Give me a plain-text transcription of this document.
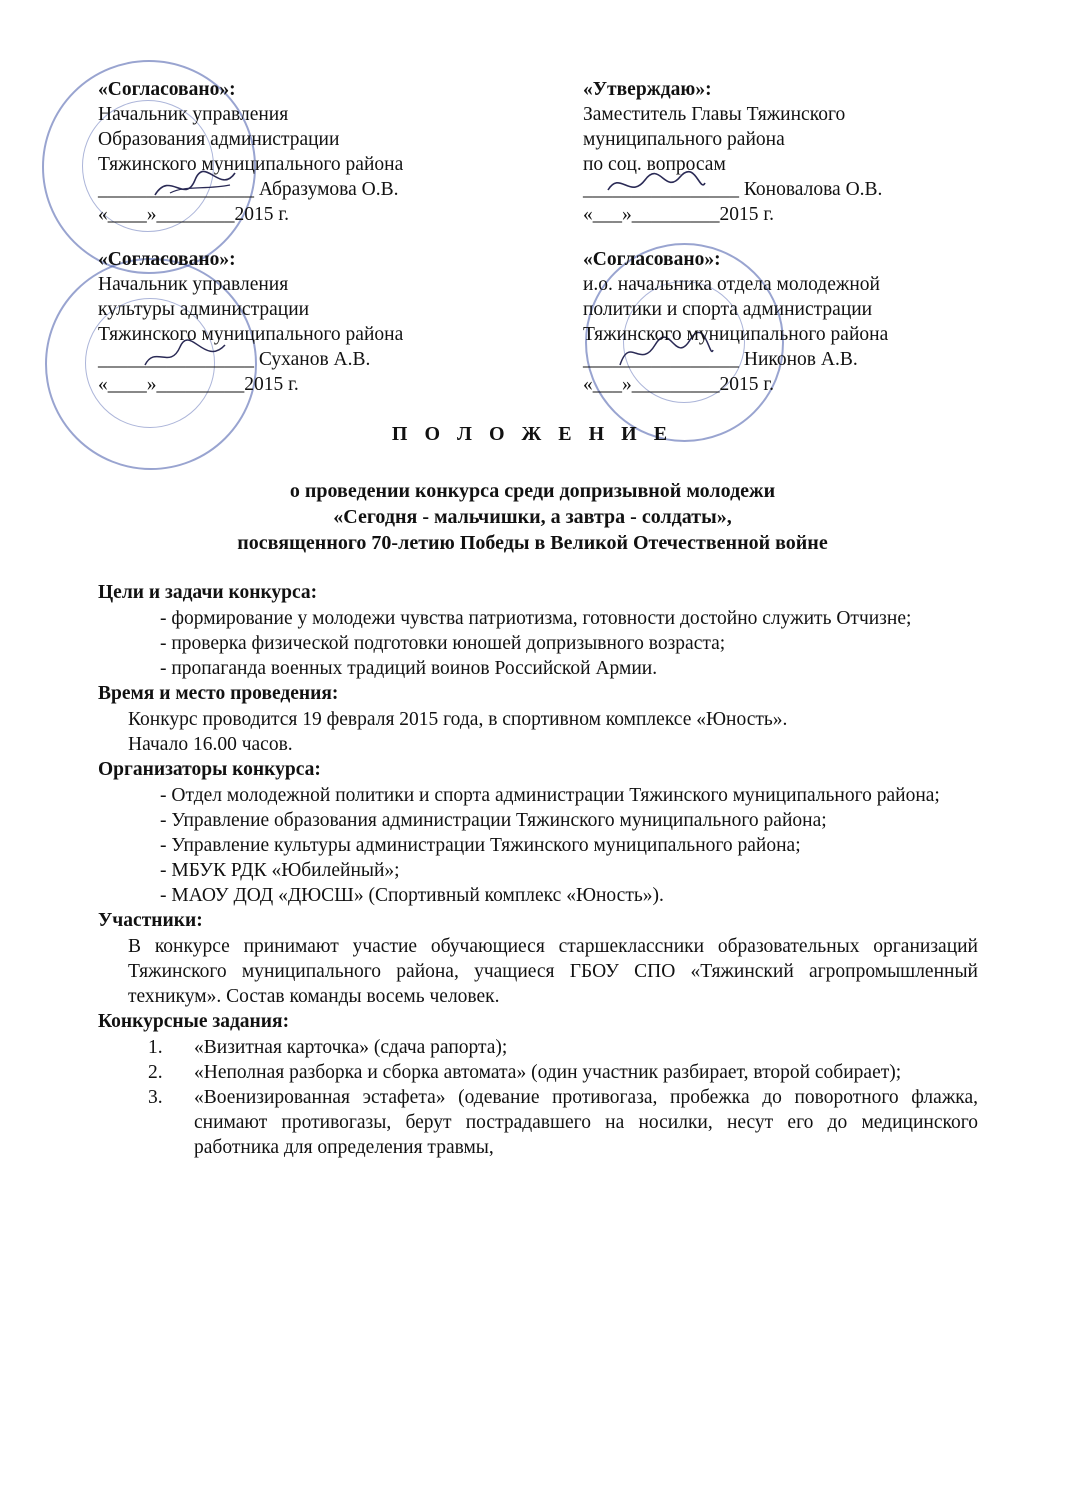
«Согласовано»:
Начальник управления
Образования администрации
Тяжинского муниципального района
________________ Абразумова О.В.
«____»________2015 г.
«Утверждаю»:
Заместитель Главы Тяжинского
муниципального района
по соц. вопросам
________________ Коновалова О.В.
«___»_________2015 г.
«Согласовано»:
Начальник управления
культуры администрации
Тяжинского муниципального района
________________ Суханов А.В.
«____»_________2015 г.
«Согласовано»:
и.о. начальника отдела молодежной
политики и спорта администрации
Тяжинского муниципального района
________________ Никонов А.В.
«___»_________2015 г.
П О Л О Ж Е Н И Е
о проведении конкурса среди допризывной молодежи
«Сегодня - мальчишки, а завтра - солдаты»,
посвященного 70-летию Победы в Великой Отечественной войне
Цели и задачи конкурса:

- формирование у молодежи чувства патриотизма, готовности достойно служить Отчизне;

- проверка физической подготовки юношей допризывного возраста;

- пропаганда военных традиций воинов Российской Армии.

Время и место проведения:
Конкурс проводится 19 февраля 2015 года, в спортивном комплексе «Юность».
Начало 16.00 часов.
Организаторы конкурса:

- Отдел молодежной политики и спорта администрации Тяжинского муниципального района;

- Управление образования администрации Тяжинского муниципального района;

- Управление культуры администрации Тяжинского муниципального района;

- МБУК РДК «Юбилейный»;

- МАОУ ДОД «ДЮСШ» (Спортивный комплекс «Юность»).

Участники:
В конкурсе принимают участие обучающиеся старшеклассники образовательных организаций Тяжинского муниципального района, учащиеся ГБОУ СПО «Тяжинский агропромышленный техникум». Состав команды восемь человек.
Конкурсные задания:
1. «Визитная карточка» (сдача рапорта);
2. «Неполная разборка и сборка автомата» (один участник разбирает, второй собирает);
3. «Военизированная эстафета» (одевание противогаза, пробежка до поворотного флажка, снимают противогазы, берут пострадавшего на носилки, несут его до медицинского работника для определения травмы,
